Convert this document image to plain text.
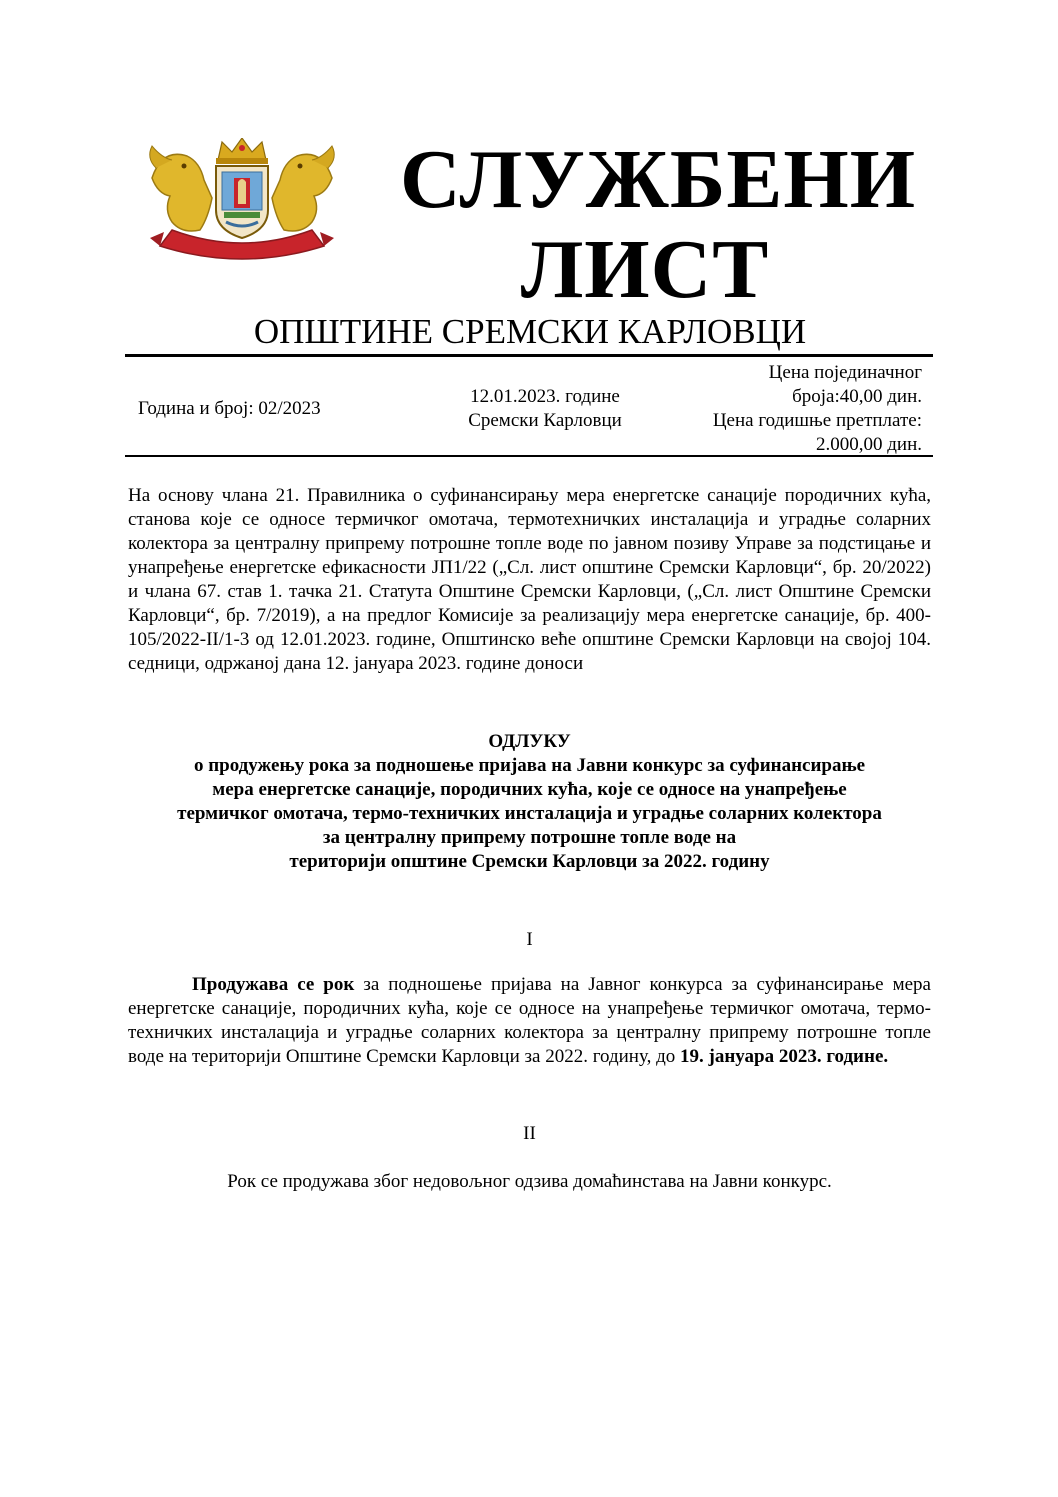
СЛУЖБЕНИ
ЛИСТ
ОПШТИНЕ СРЕМСКИ КАРЛОВЦИ
Година и број: 02/2023
12.01.2023. године
Сремски Карловци
Цена појединачног
броја:40,00 дин.
Цена годишње претплате:
2.000,00 дин.
На основу члана 21. Правилника о суфинансирању мера енергетске санације породичних кућа, станова које се односе термичког омотача, термотехничких инсталација и уградње соларних колектора за централну припрему потрошне топле воде по јавном позиву Управе за подстицање и унапређење енергетске ефикасности ЈП1/22 („Сл. лист општине Сремски Карловци“, бр. 20/2022) и члана 67. став 1. тачка 21. Статута Општине Сремски Карловци, („Сл. лист Општине Сремски Карловци“, бр. 7/2019), а на предлог Комисије за реализацију мера енергетске санације, бр. 400-105/2022-II/1-3 од 12.01.2023. године, Општинско веће општине Сремски Карловци на својој 104. седници, одржаној дана 12. јануара 2023. године доноси
ОДЛУКУ
о продужењу рока за подношење пријава на Јавни конкурс за суфинансирање
мера енергетске санације, породичних кућа, које се односе на унапређење
термичког омотача, термо-техничких инсталација и уградње соларних колектора
за централну припрему потрошне топле воде на
територији општине Сремски Карловци за 2022. годину
I
Продужава се рок за подношење пријава на Јавног конкурса за суфинансирање мера енергетске санације, породичних кућа, које се односе на унапређење термичког омотача, термо-техничких инсталација и уградње соларних колектора за централну припрему потрошне топле воде на територији Општине Сремски Карловци за 2022. годину, до 19. јануара 2023. године.
II
Рок се продужава због недовољног одзива домаћинстава на Јавни конкурс.
